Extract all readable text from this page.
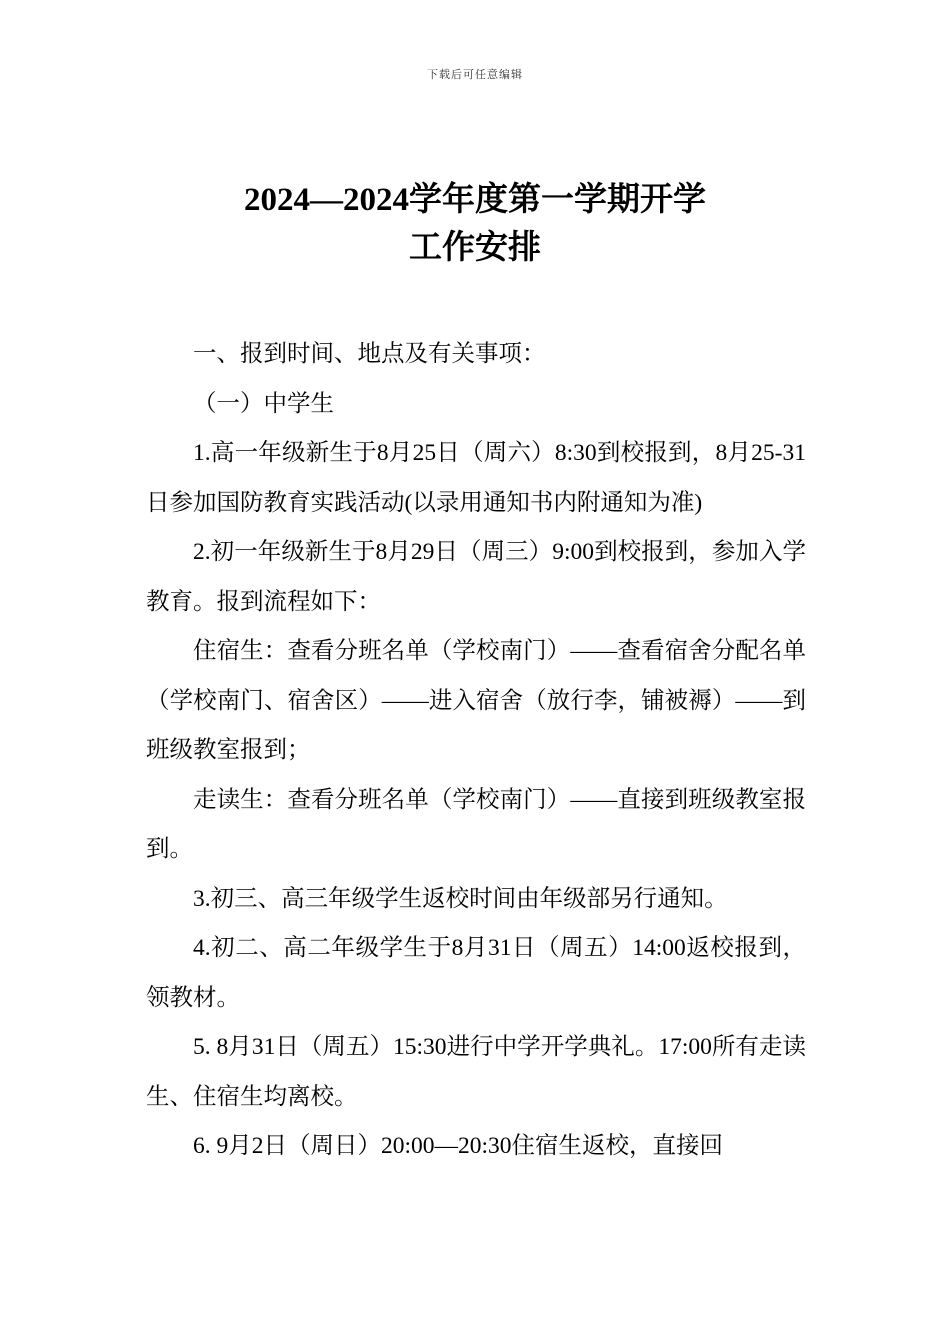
下载后可任意编辑
2024—2024学年度第一学期开学
工作安排

一、报到时间、地点及有关事项：

（一）中学生

1.高一年级新生于8月25日（周六）8:30到校报到，8月25-31日参加国防教育实践活动(以录用通知书内附通知为准)

2.初一年级新生于8月29日（周三）9:00到校报到，参加入学教育。报到流程如下：

住宿生：查看分班名单（学校南门）——查看宿舍分配名单（学校南门、宿舍区）——进入宿舍（放行李，铺被褥）——到班级教室报到；

走读生：查看分班名单（学校南门）——直接到班级教室报到。

3.初三、高三年级学生返校时间由年级部另行通知。

4.初二、高二年级学生于8月31日（周五）14:00返校报到，领教材。

5. 8月31日（周五）15:30进行中学开学典礼。17:00所有走读生、住宿生均离校。

6. 9月2日（周日）20:00—20:30住宿生返校，直接回
